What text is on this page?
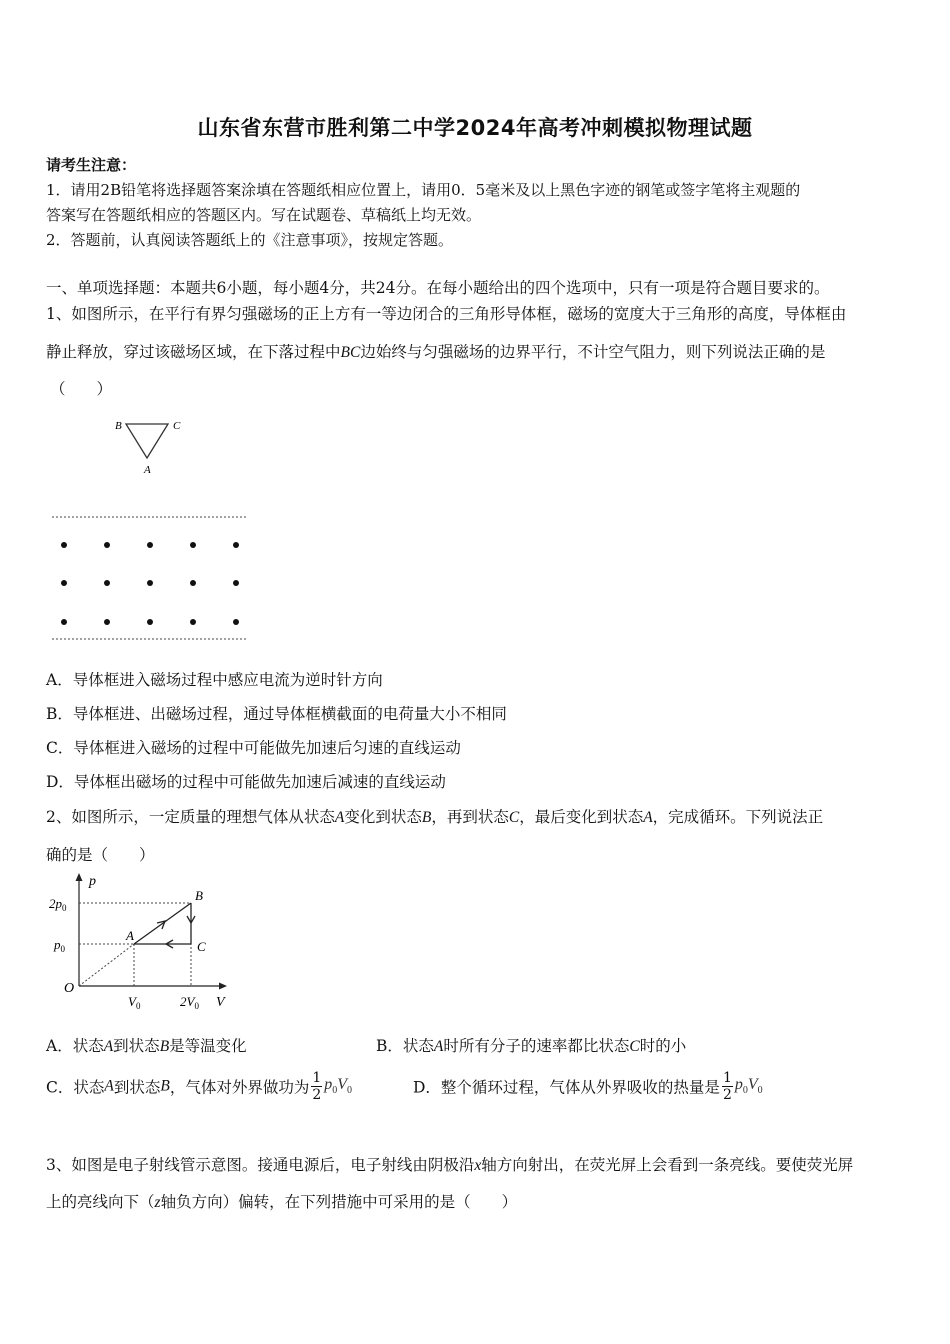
山东省东营市胜利第二中学2024年高考冲刺模拟物理试题
请考生注意：
1．请用2B铅笔将选择题答案涂填在答题纸相应位置上，请用0．5毫米及以上黑色字迹的钢笔或签字笔将主观题的
答案写在答题纸相应的答题区内。写在试题卷、草稿纸上均无效。
2．答题前，认真阅读答题纸上的《注意事项》，按规定答题。
一、单项选择题：本题共6小题，每小题4分，共24分。在每小题给出的四个选项中，只有一项是符合题目要求的。
1、如图所示，在平行有界匀强磁场的正上方有一等边闭合的三角形导体框，磁场的宽度大于三角形的高度，导体框由
静止释放，穿过该磁场区域，在下落过程中BC边始终与匀强磁场的边界平行，不计空气阻力，则下列说法正确的是
（　　）
B	C
A
A．导体框进入磁场过程中感应电流为逆时针方向
B．导体框进、出磁场过程，通过导体框横截面的电荷量大小不相同
C．导体框进入磁场的过程中可能做先加速后匀速的直线运动
D．导体框出磁场的过程中可能做先加速后减速的直线运动
2、如图所示，一定质量的理想气体从状态A变化到状态B，再到状态C，最后变化到状态A，完成循环。下列说法正
确的是（　　）
p
V
O
$2p_0$
$p_0$
$V_0$	$2V_0$
A
B
C
A．状态A到状态B是等温变化	B．状态A时所有分子的速率都比状态C时的小
C．状态A到状态B，气体对外界做功为 $\frac{1}{2} p_0V_0$	D．整个循环过程，气体从外界吸收的热量是 $\frac{1}{2} p_0V_0$
3、如图是电子射线管示意图。接通电源后，电子射线由阴极沿x轴方向射出，在荧光屏上会看到一条亮线。要使荧光屏
上的亮线向下（z轴负方向）偏转，在下列措施中可采用的是（　　）
